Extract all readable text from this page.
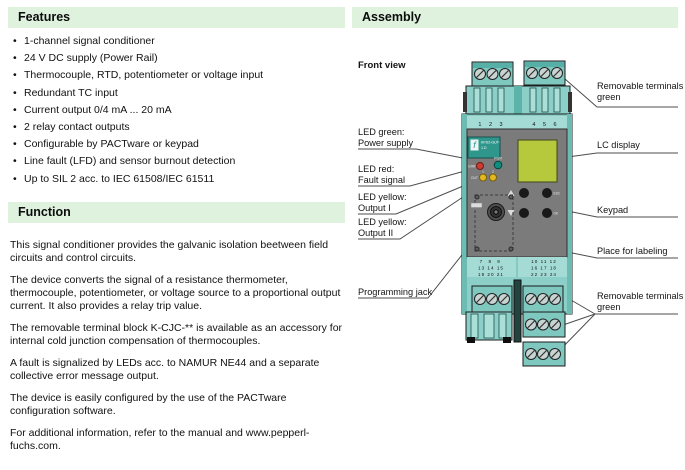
Features
• 1-channel signal conditioner
• 24 V DC supply (Power Rail)
• Thermocouple, RTD, potentiometer or voltage input
• Redundant TC input
• Current output 0/4 mA ... 20 mA
• 2 relay contact outputs
• Configurable by PACTware or keypad
• Line fault (LFD) and sensor burnout detection
• Up to SIL 2 acc. to IEC 61508/IEC 61511
Function

This signal conditioner provides the galvanic isolation beetween field circuits and control circuits.

The device converts the signal of a resistance thermometer, thermocouple, potentiometer, or voltage source to a proportional output current. It also provides a relay trip value.

The removable terminal block K-CJC-** is available as an accessory for internal cold junction compensation of thermocouples.

A fault is signalized by LEDs acc. to NAMUR NE44 and a separate collective error message output.

The device is easily configured by the use of the PACTware configuration software.

For additional information, refer to the manual and www.pepperl-fuchs.com.

Assembly
1 2 3	4 5 6
f	KFD2-GUT-
1.D
ERR
PWR
OUT
1	2
ESC
OK
7 8 9
13 14 15
19 20 21
10 11 12
16 17 18
22 23 24
Front view
LED green:
Power supply
LED red:
Fault signal
LED yellow:
Output I
LED yellow:
Output II
Programming jack
Removable terminals
green
LC display
Keypad
Place for labeling
Removable terminals
green
